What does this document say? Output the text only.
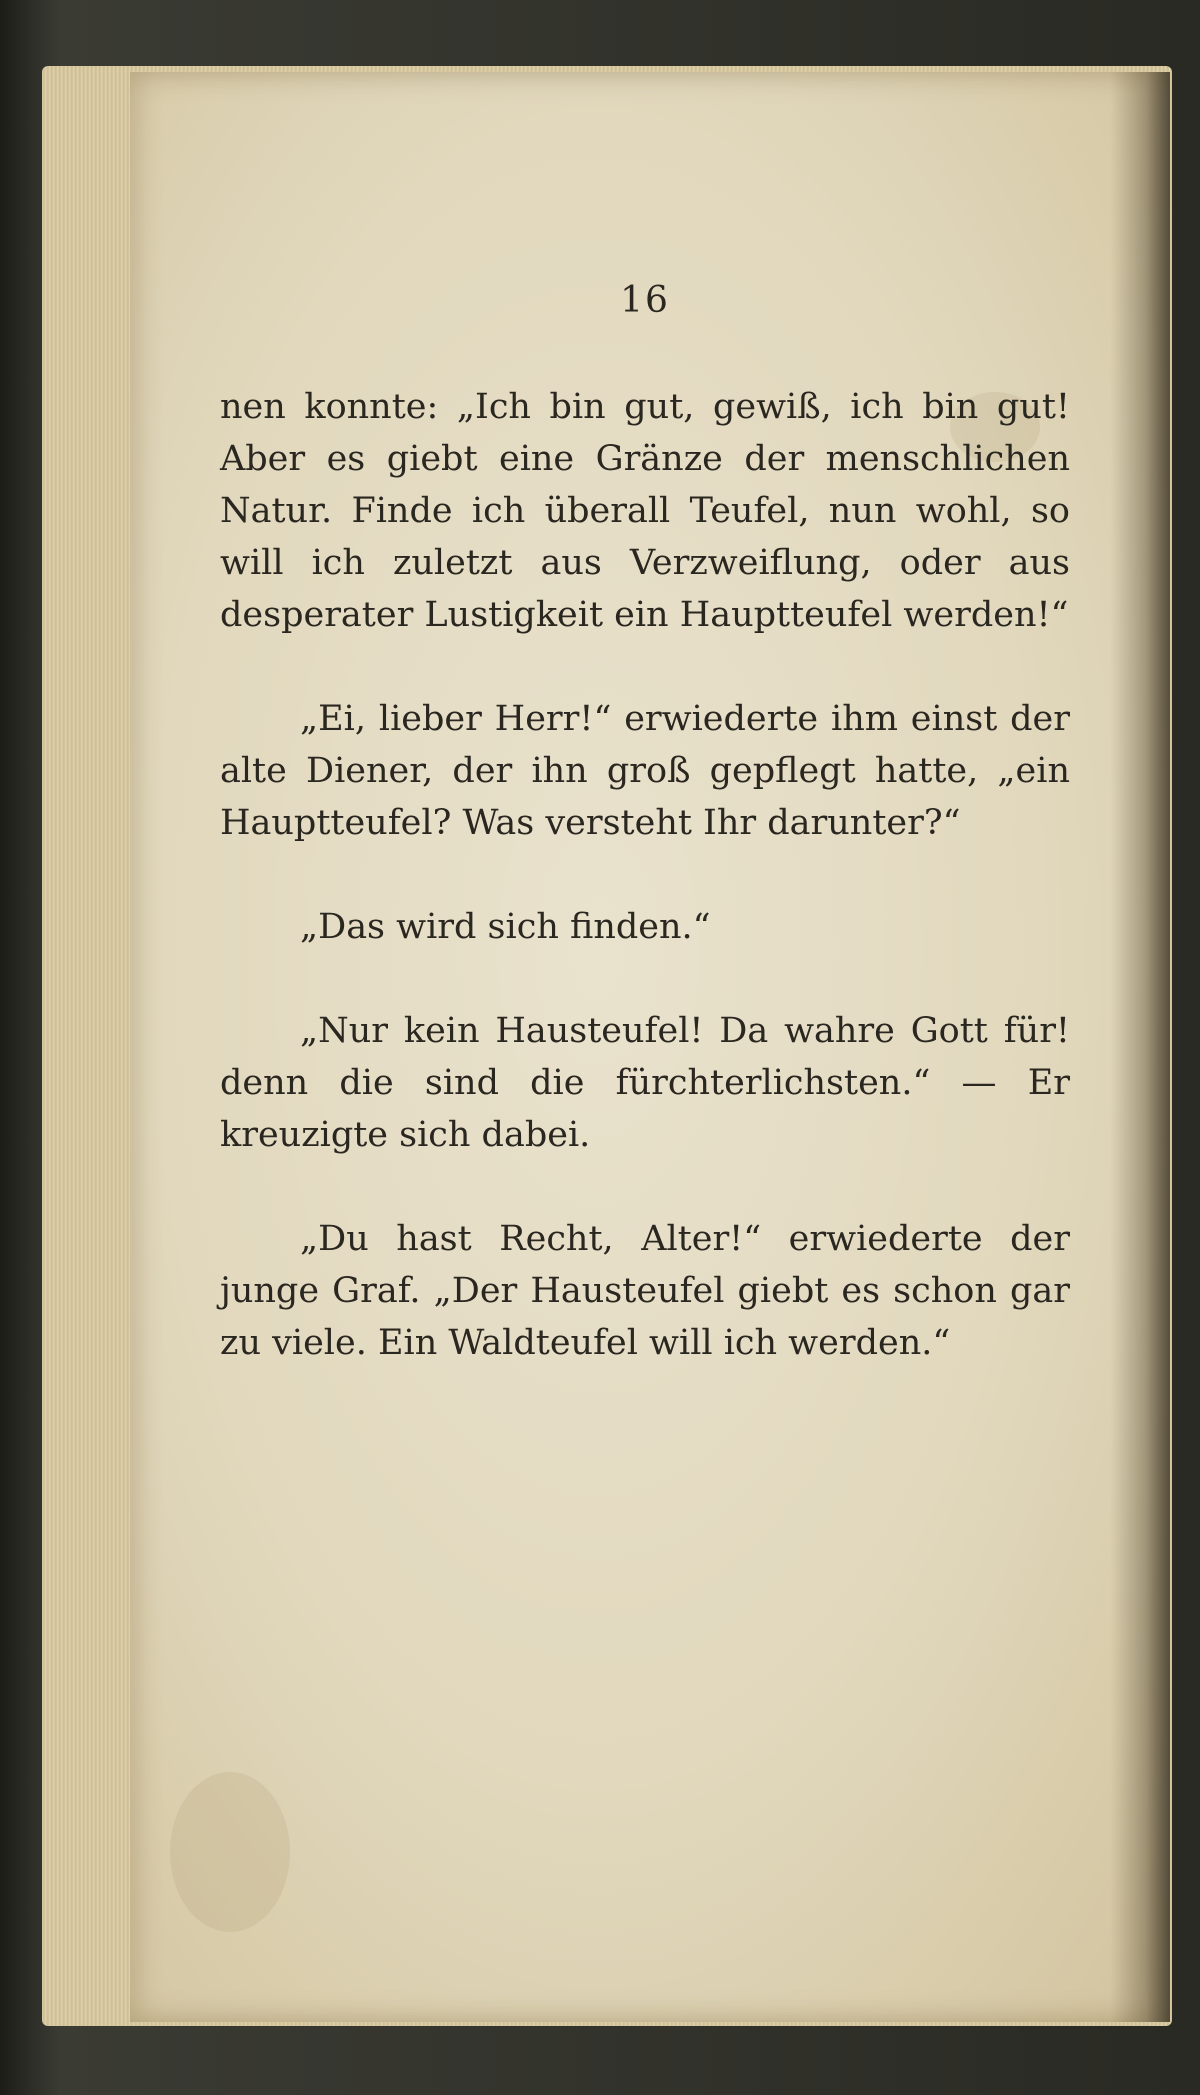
16

nen konnte: „Ich bin gut, gewiß, ich bin gut! Aber es giebt eine Gränze der menschlichen Natur. Finde ich überall Teufel, nun wohl, so will ich zuletzt aus Verzweiflung, oder aus desperater Lustigkeit ein Hauptteufel werden!“

„Ei, lieber Herr!“ erwiederte ihm einst der alte Diener, der ihn groß gepflegt hatte, „ein Hauptteufel? Was versteht Ihr darunter?“

„Das wird sich finden.“

„Nur kein Hausteufel! Da wahre Gott für! denn die sind die fürchterlichsten.“ — Er kreuzigte sich dabei.

„Du hast Recht, Alter!“ erwiederte der junge Graf. „Der Hausteufel giebt es schon gar zu viele. Ein Waldteufel will ich werden.“
